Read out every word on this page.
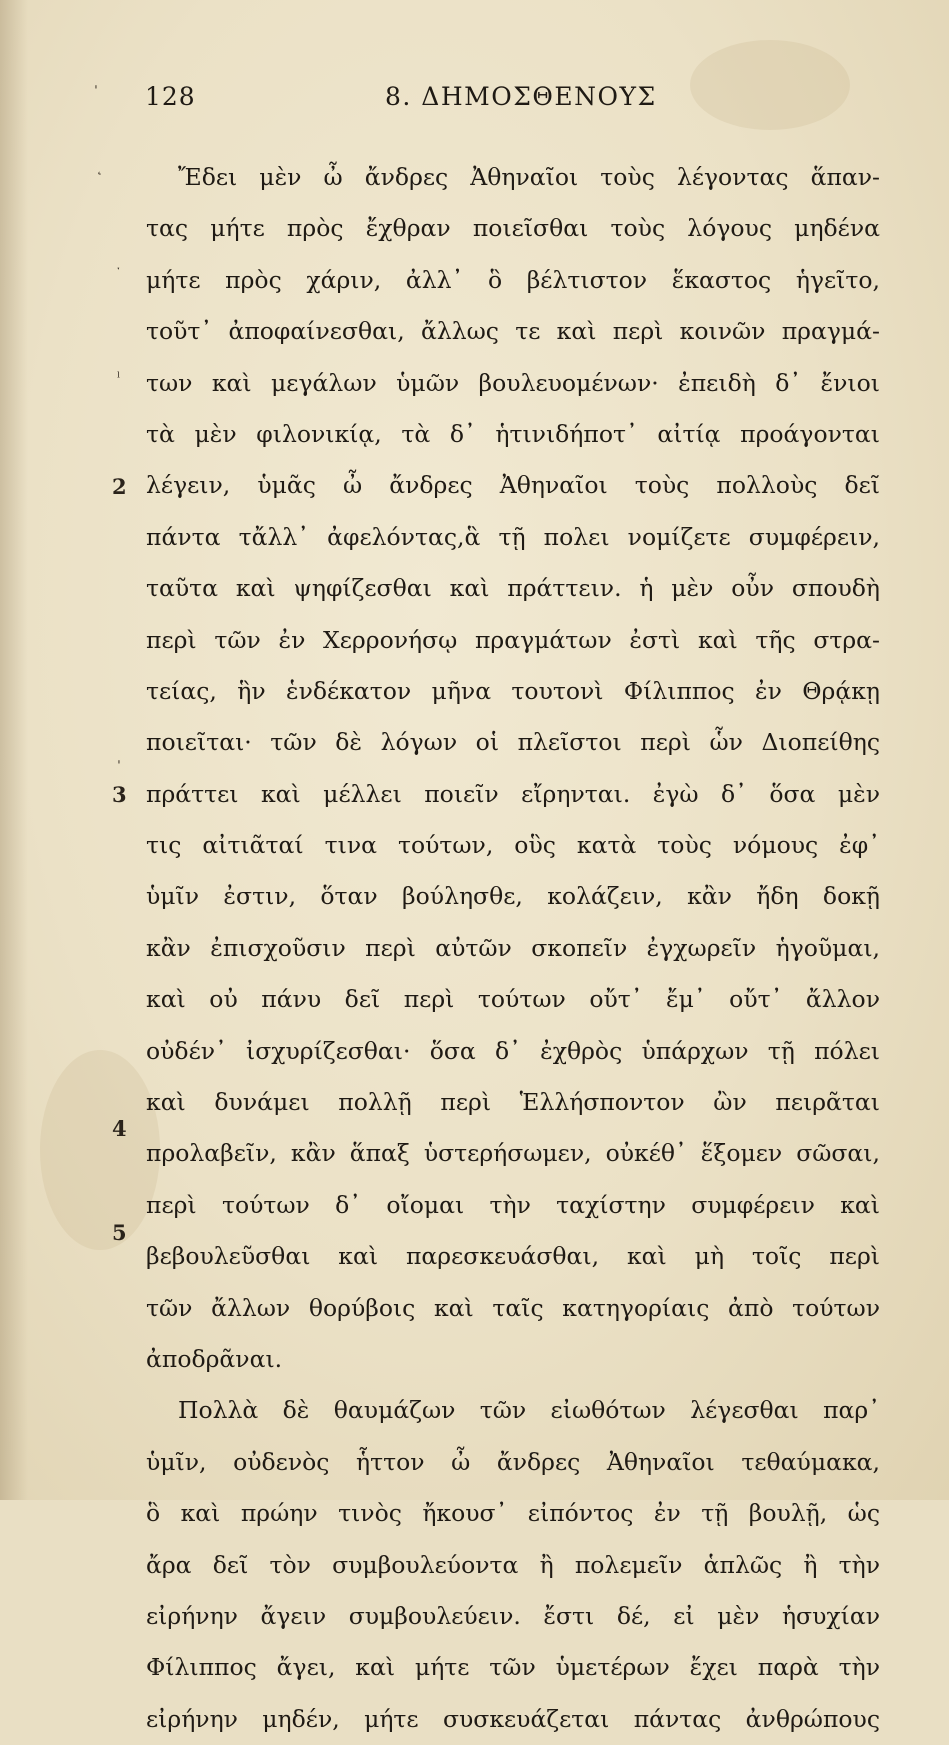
128	8. ΔΗΜΟΣΘΕΝΟΥΣ
ˈ
˛
ˑ
ˡ
ˌ
2
3
4
5
Ἔδει μὲν ὦ ἄνδρες Ἀθηναῖοι τοὺς λέγοντας ἅπαν-
τας μήτε πρὸς ἔχθραν ποιεῖσθαι τοὺς λόγους μηδένα
μήτε πρὸς χάριν, ἀλλ᾽ ὃ βέλτιστον ἕκαστος ἡγεῖτο,
τοῦτ᾽ ἀποφαίνεσθαι, ἄλλως τε καὶ περὶ κοινῶν πραγμά-
των καὶ μεγάλων ὑμῶν βουλευομένων· ἐπειδὴ δ᾽ ἔνιοι
τὰ μὲν φιλονικίᾳ, τὰ δ᾽ ἡτινιδήποτ᾽ αἰτίᾳ προάγονται
λέγειν, ὑμᾶς ὦ ἄνδρες Ἀθηναῖοι τοὺς πολλοὺς δεῖ
πάντα τἄλλ᾽ ἀφελόντας,ἃ τῇ πολει νομίζετε συμφέρειν,
ταῦτα καὶ ψηφίζεσθαι καὶ πράττειν. ἡ μὲν οὖν σπουδὴ
περὶ τῶν ἐν Χερρονήσῳ πραγμάτων ἐστὶ καὶ τῆς στρα-
τείας, ἣν ἑνδέκατον μῆνα τουτονὶ Φίλιππος ἐν Θρᾴκῃ
ποιεῖται· τῶν δὲ λόγων οἱ πλεῖστοι περὶ ὧν Διοπείθης
πράττει καὶ μέλλει ποιεῖν εἴρηνται. ἐγὼ δ᾽ ὅσα μὲν
τις αἰτιᾶταί τινα τούτων, οὓς κατὰ τοὺς νόμους ἐφ᾽
ὑμῖν ἐστιν, ὅταν βούλησθε, κολάζειν, κἂν ἤδη δοκῇ
κἂν ἐπισχοῦσιν περὶ αὐτῶν σκοπεῖν ἐγχωρεῖν ἡγοῦμαι,
καὶ οὐ πάνυ δεῖ περὶ τούτων οὔτ᾽ ἔμ᾽ οὔτ᾽ ἄλλον
οὐδέν᾽ ἰσχυρίζεσθαι· ὅσα δ᾽ ἐχθρὸς ὑπάρχων τῇ πόλει
καὶ δυνάμει πολλῇ περὶ Ἑλλήσποντον ὢν πειρᾶται
προλαβεῖν, κἂν ἅπαξ ὑστερήσωμεν, οὐκέθ᾽ ἕξομεν σῶσαι,
περὶ τούτων δ᾽ οἴομαι τὴν ταχίστην συμφέρειν καὶ
βεβουλεῦσθαι καὶ παρεσκευάσθαι, καὶ μὴ τοῖς περὶ
τῶν ἄλλων θορύβοις καὶ ταῖς κατηγορίαις ἀπὸ τούτων
ἀποδρᾶναι.
Πολλὰ δὲ θαυμάζων τῶν εἰωθότων λέγεσθαι παρ᾽
ὑμῖν, οὐδενὸς ἧττον ὦ ἄνδρες Ἀθηναῖοι τεθαύμακα,
ὃ καὶ πρώην τινὸς ἤκουσ᾽ εἰπόντος ἐν τῇ βουλῇ, ὡς
ἄρα δεῖ τὸν συμβουλεύοντα ἢ πολεμεῖν ἁπλῶς ἢ τὴν
εἰρήνην ἄγειν συμβουλεύειν. ἔστι δέ, εἰ μὲν ἡσυχίαν
Φίλιππος ἄγει, καὶ μήτε τῶν ὑμετέρων ἔχει παρὰ τὴν
εἰρήνην μηδέν, μήτε συσκευάζεται πάντας ἀνθρώπους
